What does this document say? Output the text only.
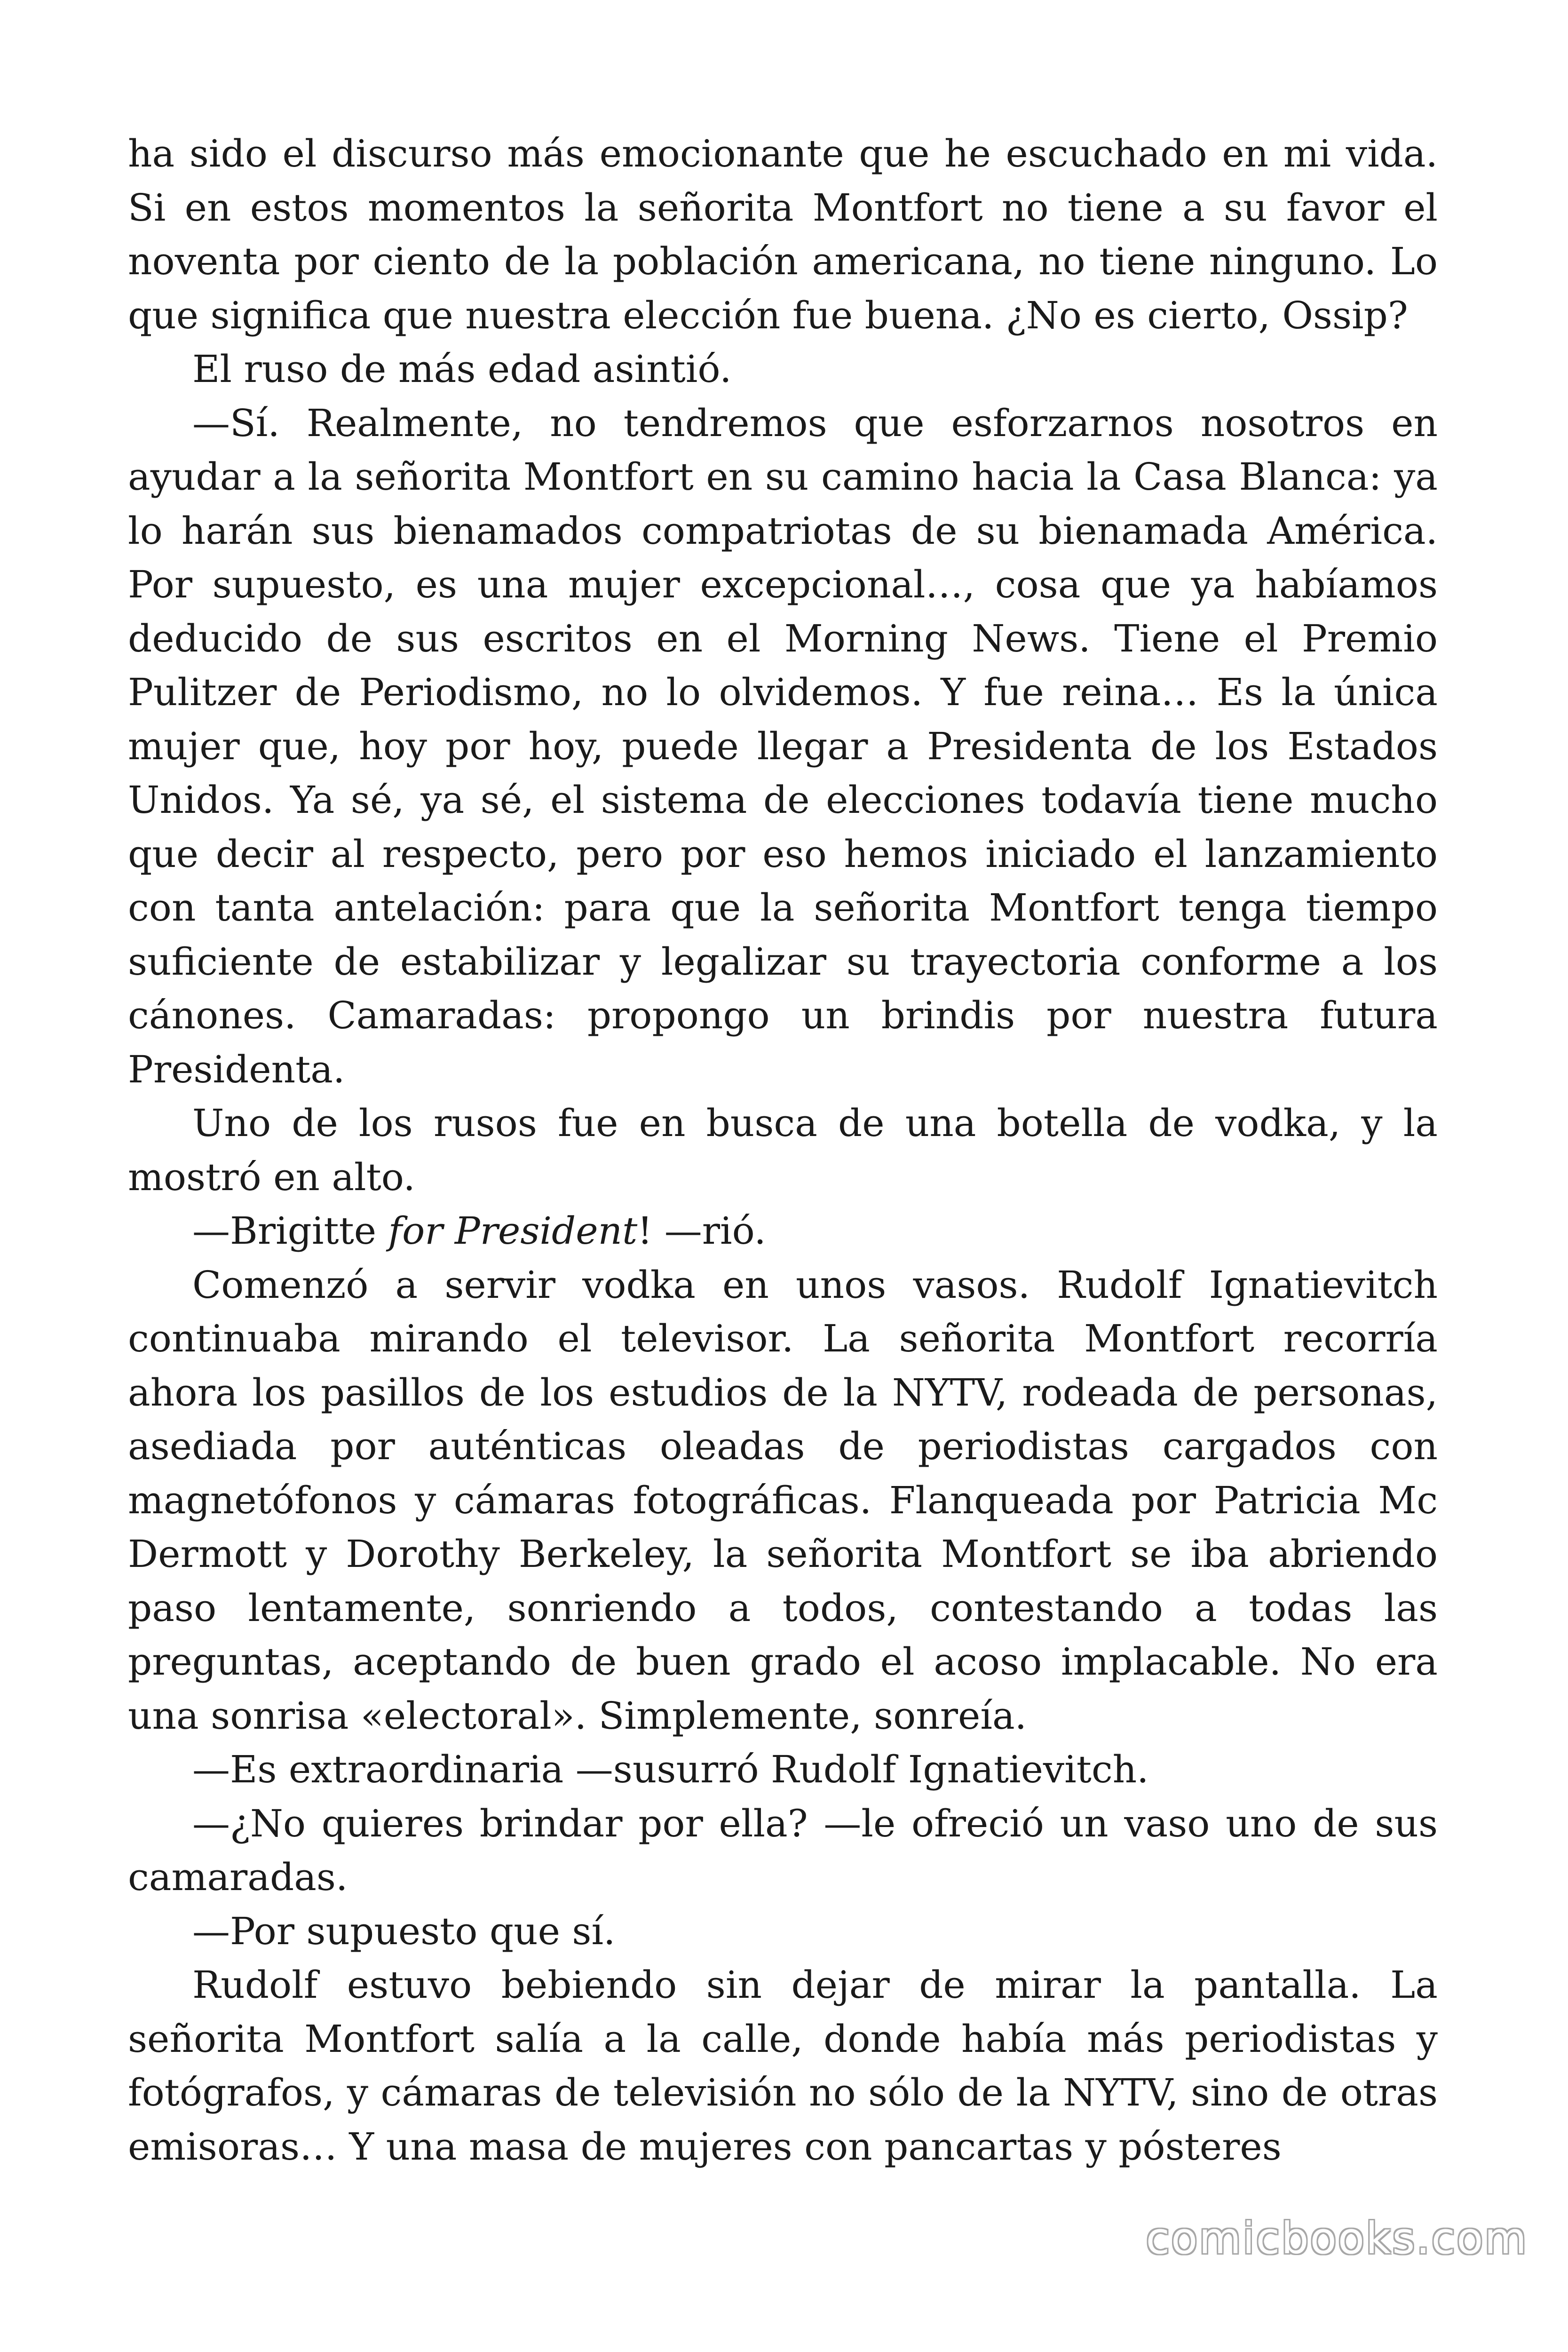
ha sido el discurso más emocionante que he escuchado en mi vida. Si en estos momentos la señorita Montfort no tiene a su favor el noventa por ciento de la población americana, no tiene ninguno. Lo que significa que nuestra elección fue buena. ¿No es cierto, Ossip?

El ruso de más edad asintió.

—Sí. Realmente, no tendremos que esforzarnos nosotros en ayudar a la señorita Montfort en su camino hacia la Casa Blanca: ya lo harán sus bienamados compatriotas de su bienamada América. Por supuesto, es una mujer excepcional…, cosa que ya habíamos deducido de sus escritos en el Morning News. Tiene el Premio Pulitzer de Periodismo, no lo olvidemos. Y fue reina… Es la única mujer que, hoy por hoy, puede llegar a Presidenta de los Estados Unidos. Ya sé, ya sé, el sistema de elecciones todavía tiene mucho que decir al respecto, pero por eso hemos iniciado el lanzamiento con tanta antelación: para que la señorita Montfort tenga tiempo suficiente de estabilizar y legalizar su trayectoria conforme a los cánones. Camaradas: propongo un brindis por nuestra futura Presidenta.

Uno de los rusos fue en busca de una botella de vodka, y la mostró en alto.

—Brigitte for President! —rió.

Comenzó a servir vodka en unos vasos. Rudolf Ignatievitch continuaba mirando el televisor. La señorita Montfort recorría ahora los pasillos de los estudios de la NYTV, rodeada de personas, asediada por auténticas oleadas de periodistas cargados con magnetófonos y cámaras fotográficas. Flanqueada por Patricia Mc Dermott y Dorothy Berkeley, la señorita Montfort se iba abriendo paso lentamente, sonriendo a todos, contestando a todas las preguntas, aceptando de buen grado el acoso implacable. No era una sonrisa «electoral». Simplemente, sonreía.

—Es extraordinaria —susurró Rudolf Ignatievitch.

—¿No quieres brindar por ella? —le ofreció un vaso uno de sus camaradas.

—Por supuesto que sí.

Rudolf estuvo bebiendo sin dejar de mirar la pantalla. La señorita Montfort salía a la calle, donde había más periodistas y fotógrafos, y cámaras de televisión no sólo de la NYTV, sino de otras emisoras… Y una masa de mujeres con pancartas y pósteres

comicbooks.com
